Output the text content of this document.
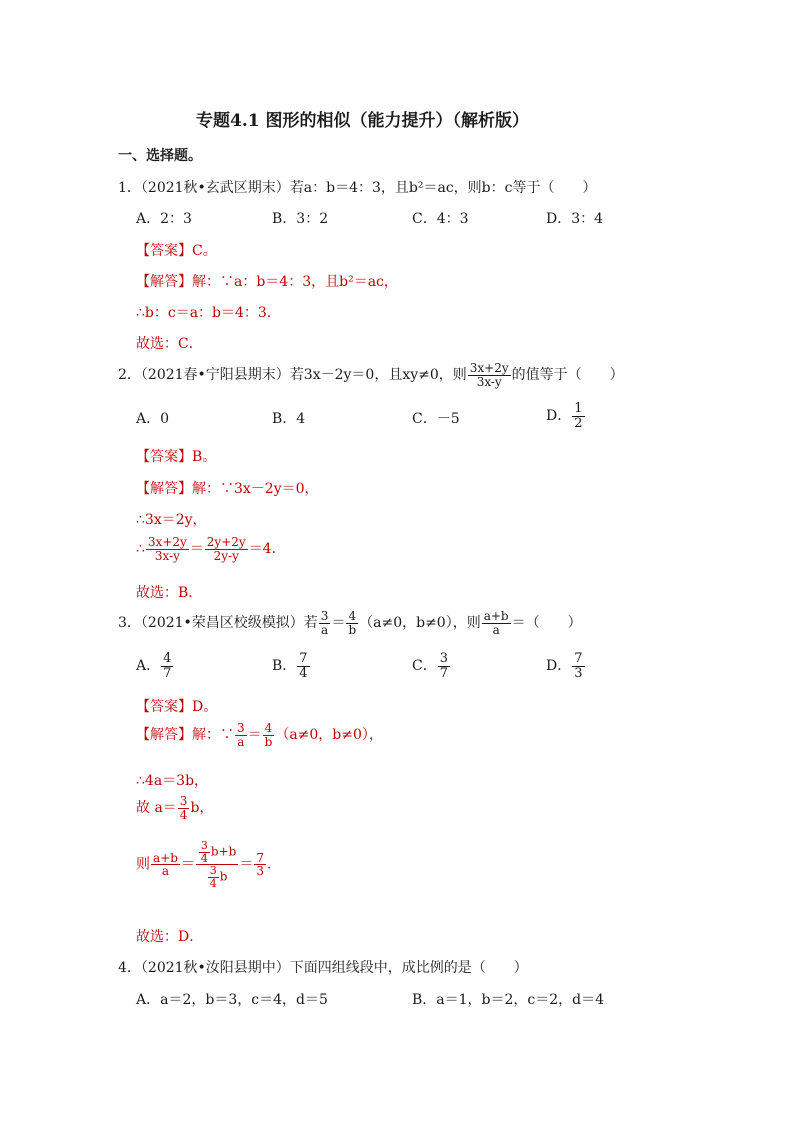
专题4.1 图形的相似（能力提升）（解析版）
一、选择题。
1．（2021秋•玄武区期末）若a：b＝4：3，且b²＝ac，则b：c等于（　　）
A．2：3	B．3：2	C．4：3	D．3：4
【答案】C。
【解答】解：∵a：b＝4：3，且b²＝ac，
∴b：c＝a：b＝4：3．
故选：C．
2．（2021春•宁阳县期末）若3x－2y＝0，且xy≠0，则 $\frac{3x+2y}{3x-y}$ 的值等于（　　）
A．0	B．4	C．－5	D． $\frac{1}{2}$
【答案】B。
【解答】解：∵3x－2y＝0，
∴3x＝2y，
∴ $\frac{3x+2y}{3x-y} = \frac{2y+2y}{2y-y} =4$．
故选：B．
3．（2021•荣昌区校级模拟）若 $\frac{3}{a} = \frac{4}{b} (a\ne 0$，b≠0），则 $\frac{a+b}{a}$ ＝（　　）
A． $\frac{4}{7}$	B． $\frac{7}{4}$	C． $\frac{3}{7}$	D． $\frac{7}{3}$
【答案】D。
【解答】解：∵ $\frac{3}{a} = \frac{4}{b} (a\ne 0$，b≠0），
∴4a＝3b，
故 $a= \frac{3}{4}$ b，
则 $\frac{a+b}{a} = \frac{\frac{3}{4} b+b}{\frac{3}{4} b} = \frac{7}{3}$ ．
故选：D．
4．（2021秋•汝阳县期中）下面四组线段中，成比例的是（　　）
A．a＝2，b＝3，c＝4，d＝5	B．a＝1，b＝2，c＝2，d＝4
